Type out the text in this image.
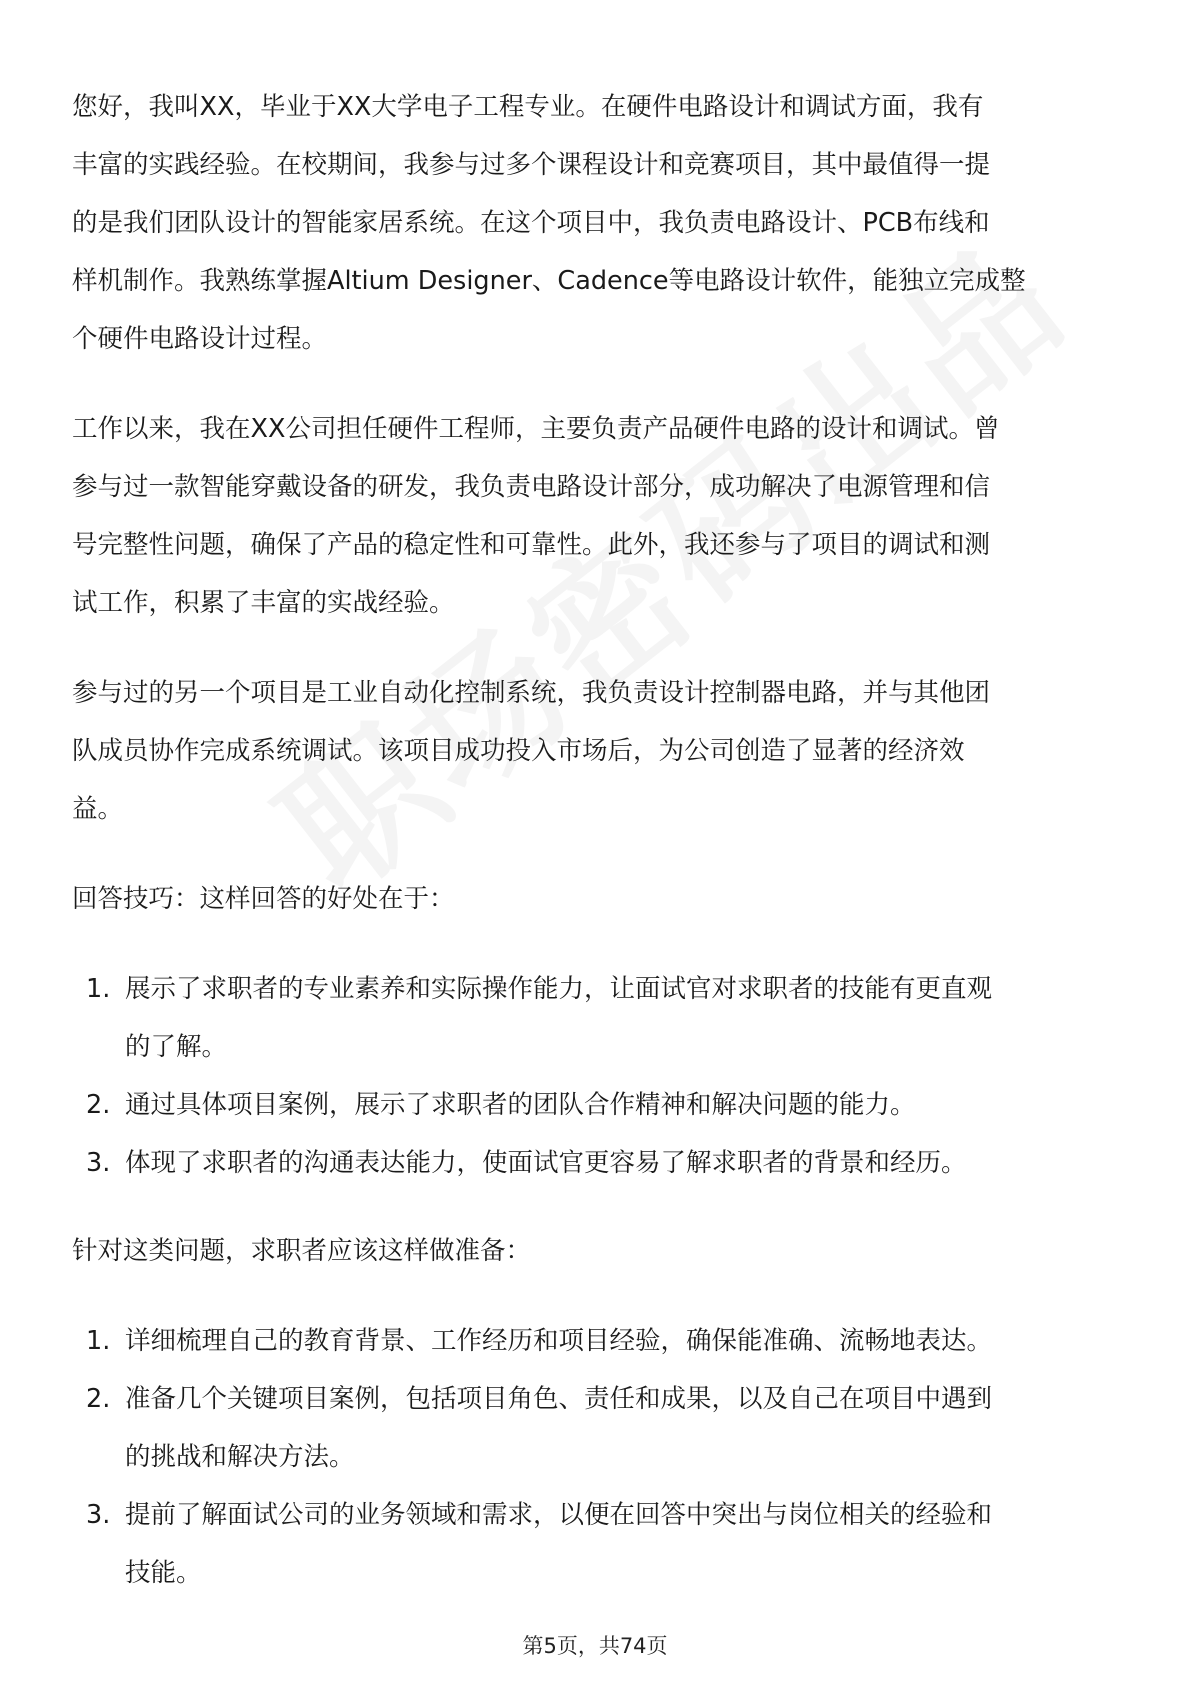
您好，我叫XX，毕业于XX大学电子工程专业。在硬件电路设计和调试方面，我有
丰富的实践经验。在校期间，我参与过多个课程设计和竞赛项目，其中最值得一提
的是我们团队设计的智能家居系统。在这个项目中，我负责电路设计、PCB布线和
样机制作。我熟练掌握Altium Designer、Cadence等电路设计软件，能独立完成整
个硬件电路设计过程。

工作以来，我在XX公司担任硬件工程师，主要负责产品硬件电路的设计和调试。曾
参与过一款智能穿戴设备的研发，我负责电路设计部分，成功解决了电源管理和信
号完整性问题，确保了产品的稳定性和可靠性。此外，我还参与了项目的调试和测
试工作，积累了丰富的实战经验。

参与过的另一个项目是工业自动化控制系统，我负责设计控制器电路，并与其他团
队成员协作完成系统调试。该项目成功投入市场后，为公司创造了显著的经济效
益。

回答技巧：这样回答的好处在于：

1. 展示了求职者的专业素养和实际操作能力，让面试官对求职者的技能有更直观
的了解。
2. 通过具体项目案例，展示了求职者的团队合作精神和解决问题的能力。
3. 体现了求职者的沟通表达能力，使面试官更容易了解求职者的背景和经历。

针对这类问题，求职者应该这样做准备：

1. 详细梳理自己的教育背景、工作经历和项目经验，确保能准确、流畅地表达。
2. 准备几个关键项目案例，包括项目角色、责任和成果，以及自己在项目中遇到
的挑战和解决方法。
3. 提前了解面试公司的业务领域和需求，以便在回答中突出与岗位相关的经验和
技能。
第5页，共74页
